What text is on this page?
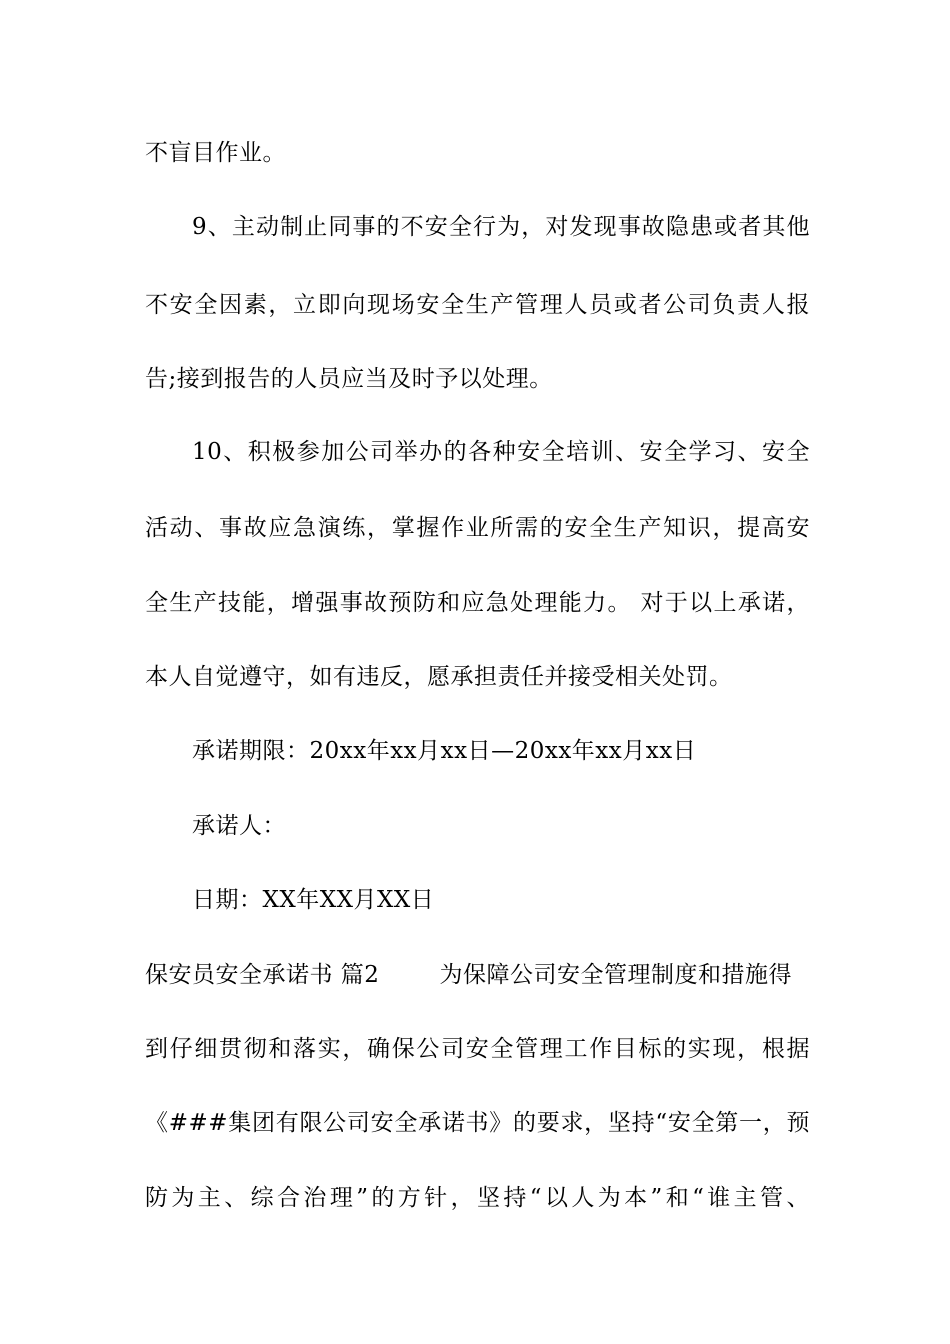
不盲目作业。
9、主动制止同事的不安全行为，对发现事故隐患或者其他
不安全因素，立即向现场安全生产管理人员或者公司负责人报
告;接到报告的人员应当及时予以处理。
10、积极参加公司举办的各种安全培训、安全学习、安全
活动、事故应急演练，掌握作业所需的安全生产知识，提高安
全生产技能，增强事故预防和应急处理能力。 对于以上承诺，
本人自觉遵守，如有违反，愿承担责任并接受相关处罚。
承诺期限：20xx年xx月xx日—20xx年xx月xx日
承诺人：
日期：XX年XX月XX日
保安员安全承诺书 篇2	为保障公司安全管理制度和措施得
到仔细贯彻和落实，确保公司安全管理工作目标的实现，根据
《###集团有限公司安全承诺书》的要求，坚持“安全第一，预
防为主、综合治理”的方针，坚持“以人为本”和“谁主管、
